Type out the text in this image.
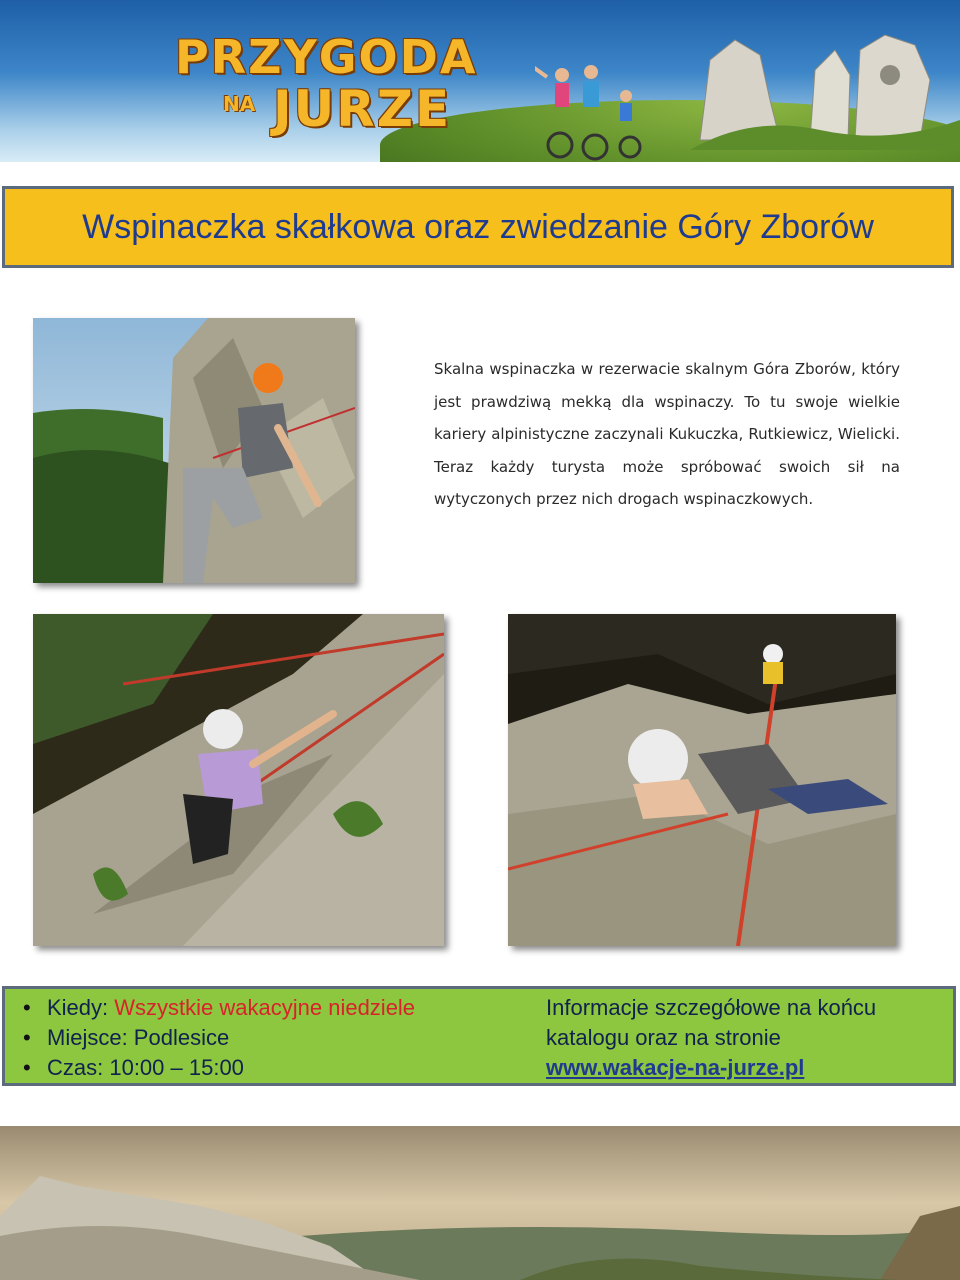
PRZYGODA
NA JURZE
Wspinaczka skałkowa oraz zwiedzanie Góry Zborów

Skalna wspinaczka w rezerwacie skalnym Góra Zborów, który jest prawdziwą mekką dla wspinaczy. To tu swoje wielkie kariery alpinistyczne zaczynali Kukuczka, Rutkiewicz, Wielicki. Teraz każdy turysta może spróbować swoich sił na wytyczonych przez nich drogach wspinaczkowych.

• Kiedy: Wszystkie wakacyjne niedziele
• Miejsce: Podlesice
• Czas: 10:00 – 15:00
Informacje szczegółowe na końcu
katalogu oraz na stronie
www.wakacje-na-jurze.pl
